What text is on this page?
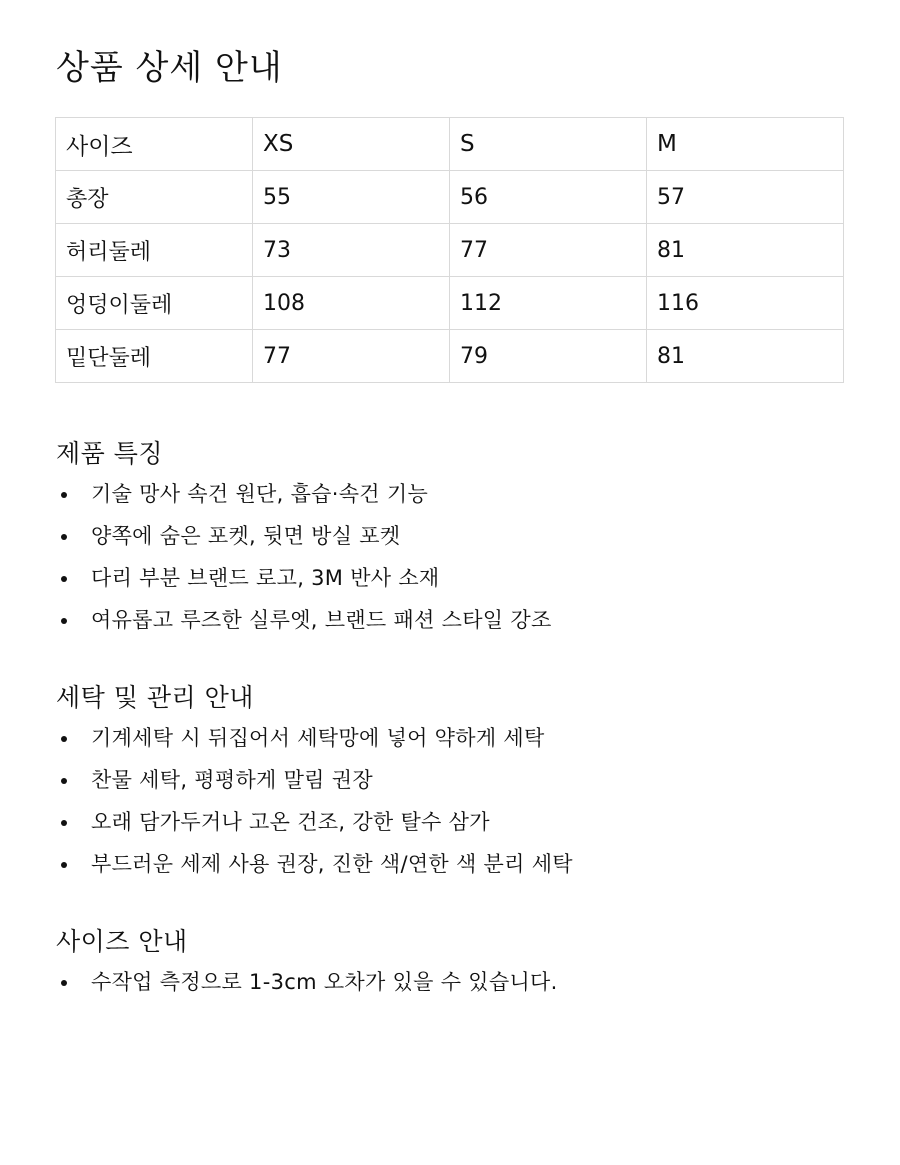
상품 상세 안내
사이즈	XS	S	M
총장	55	56	57
허리둘레	73	77	81
엉덩이둘레	108	112	116
밑단둘레	77	79	81
제품 특징
기술 망사 속건 원단, 흡습·속건 기능
양쪽에 숨은 포켓, 뒷면 방실 포켓
다리 부분 브랜드 로고, 3M 반사 소재
여유롭고 루즈한 실루엣, 브랜드 패션 스타일 강조
세탁 및 관리 안내
기계세탁 시 뒤집어서 세탁망에 넣어 약하게 세탁
찬물 세탁, 평평하게 말림 권장
오래 담가두거나 고온 건조, 강한 탈수 삼가
부드러운 세제 사용 권장, 진한 색/연한 색 분리 세탁
사이즈 안내
수작업 측정으로 1-3cm 오차가 있을 수 있습니다.
